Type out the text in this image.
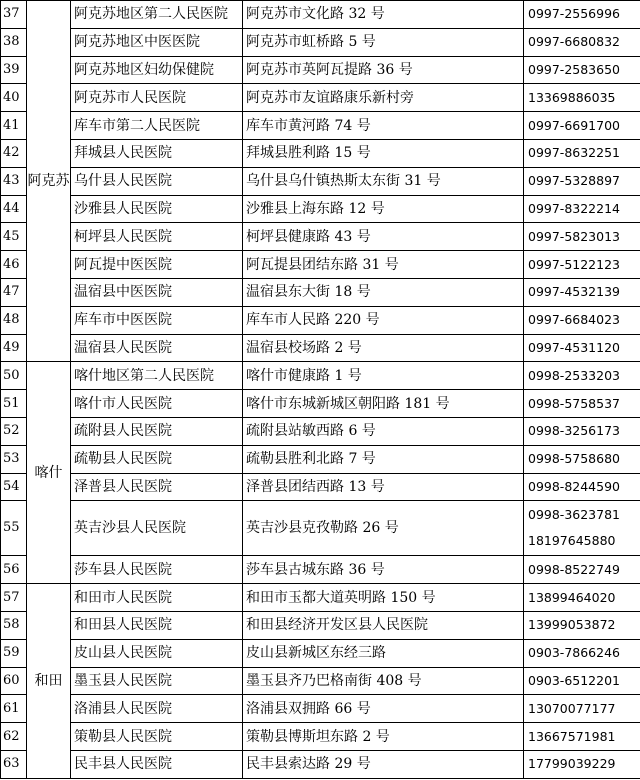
37	阿克苏	阿克苏地区第二人民医院	阿克苏市文化路 32 号	0997-2556996

38		阿克苏地区中医医院	阿克苏市虹桥路 5 号	0997-6680832

39		阿克苏地区妇幼保健院	阿克苏市英阿瓦提路 36 号	0997-2583650

40		阿克苏市人民医院	阿克苏市友谊路康乐新村旁	13369886035

41		库车市第二人民医院	库车市黄河路 74 号	0997-6691700

42		拜城县人民医院	拜城县胜利路 15 号	0997-8632251

43		乌什县人民医院	乌什县乌什镇热斯太东街 31 号	0997-5328897

44		沙雅县人民医院	沙雅县上海东路 12 号	0997-8322214

45		柯坪县人民医院	柯坪县健康路 43 号	0997-5823013

46		阿瓦提中医医院	阿瓦提县团结东路 31 号	0997-5122123

47		温宿县中医医院	温宿县东大街 18 号	0997-4532139

48		库车市中医医院	库车市人民路 220 号	0997-6684023

49		温宿县人民医院	温宿县校场路 2 号	0997-4531120

50	喀什	喀什地区第二人民医院	喀什市健康路 1 号	0998-2533203

51		喀什市人民医院	喀什市东城新城区朝阳路 181 号	0998-5758537

52		疏附县人民医院	疏附县站敏西路 6 号	0998-3256173

53		疏勒县人民医院	疏勒县胜利北路 7 号	0998-5758680

54		泽普县人民医院	泽普县团结西路 13 号	0998-8244590

55		英吉沙县人民医院	英吉沙县克孜勒路 26 号	0998-3623781
18197645880

56		莎车县人民医院	莎车县古城东路 36 号	0998-8522749

57	和田	和田市人民医院	和田市玉都大道英明路 150 号	13899464020

58		和田县人民医院	和田县经济开发区县人民医院	13999053872

59		皮山县人民医院	皮山县新城区东经三路	0903-7866246

60		墨玉县人民医院	墨玉县齐乃巴格南街 408 号	0903-6512201

61		洛浦县人民医院	洛浦县双拥路 66 号	13070077177

62		策勒县人民医院	策勒县博斯坦东路 2 号	13667571981

63		民丰县人民医院	民丰县索达路 29 号	17799039229
